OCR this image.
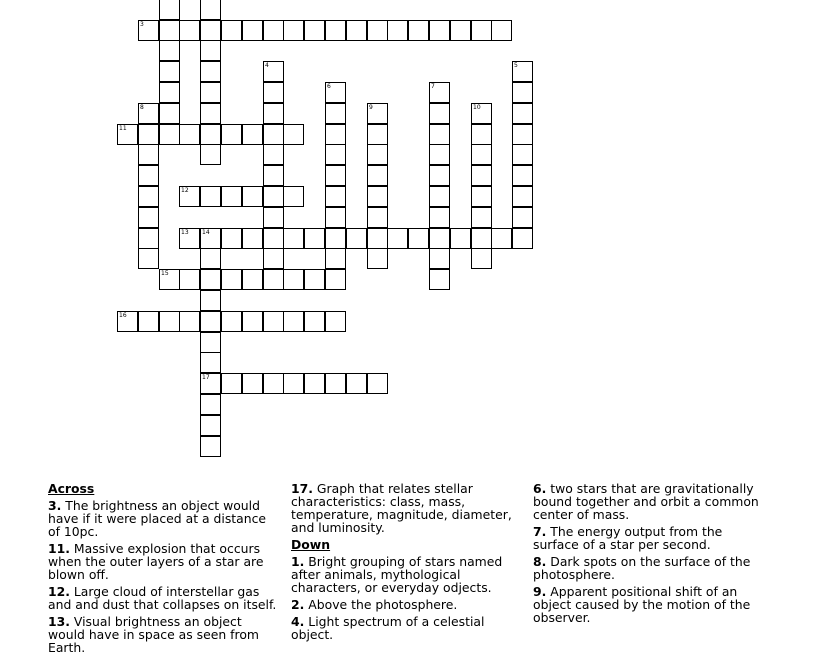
3
4	5
6	7
8	9	10
11
12
13 14
17
15
16

Across

3. The brightness an object would have if it were placed at a distance of 10pc.

11. Massive explosion that occurs when the outer layers of a star are blown off.

12. Large cloud of interstellar gas and and dust that collapses on itself.

13. Visual brightness an object would have in space as seen from Earth.

17. Graph that relates stellar characteristics: class, mass, temperature, magnitude, diameter, and luminosity.

Down

1. Bright grouping of stars named after animals, mythological characters, or everyday odjects.

2. Above the photosphere.

4. Light spectrum of a celestial object.

6. two stars that are gravitationally bound together and orbit a common center of mass.

7. The energy output from the surface of a star per second.

8. Dark spots on the surface of the photosphere.

9. Apparent positional shift of an object caused by the motion of the observer.
